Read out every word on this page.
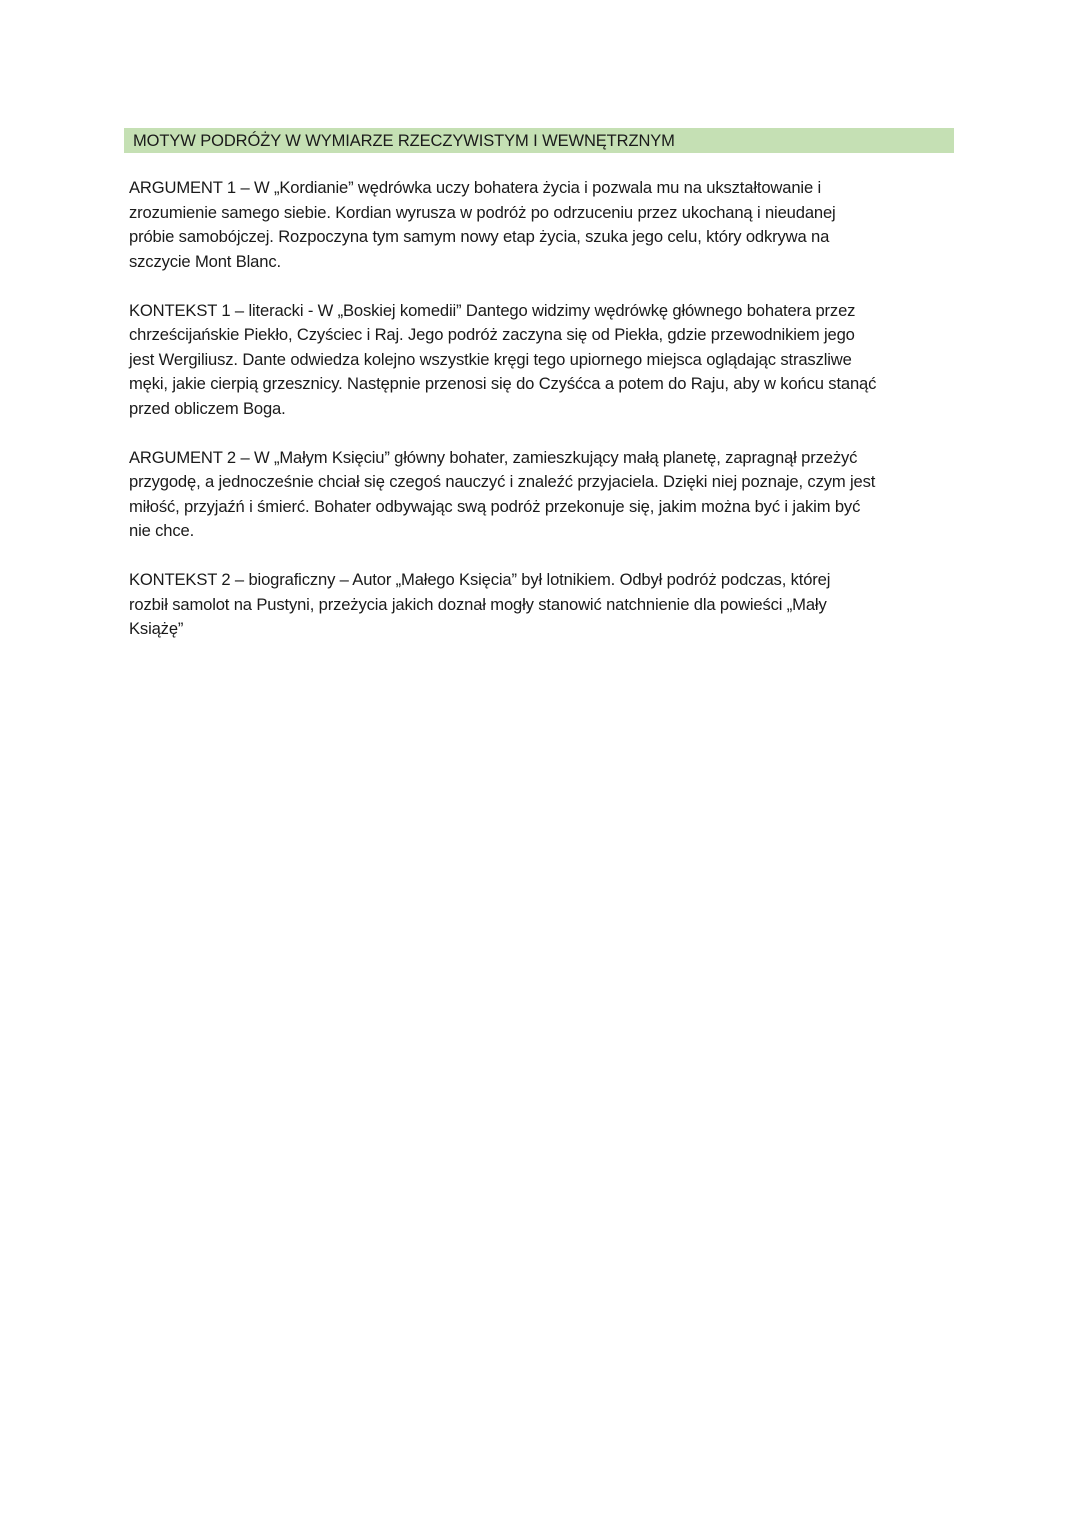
MOTYW PODRÓŻY W WYMIARZE RZECZYWISTYM I WEWNĘTRZNYM

ARGUMENT 1 – W „Kordianie” wędrówka uczy bohatera życia i pozwala mu na ukształtowanie i
zrozumienie samego siebie. Kordian wyrusza w podróż po odrzuceniu przez ukochaną i nieudanej
próbie samobójczej. Rozpoczyna tym samym nowy etap życia, szuka jego celu, który odkrywa na
szczycie Mont Blanc.

KONTEKST 1 – literacki - W „Boskiej komedii” Dantego widzimy wędrówkę głównego bohatera przez
chrześcijańskie Piekło, Czyściec i Raj. Jego podróż zaczyna się od Piekła, gdzie przewodnikiem jego
jest Wergiliusz. Dante odwiedza kolejno wszystkie kręgi tego upiornego miejsca oglądając straszliwe
męki, jakie cierpią grzesznicy. Następnie przenosi się do Czyśćca a potem do Raju, aby w końcu stanąć
przed obliczem Boga.

ARGUMENT 2 – W „Małym Księciu” główny bohater, zamieszkujący małą planetę, zapragnął przeżyć
przygodę, a jednocześnie chciał się czegoś nauczyć i znaleźć przyjaciela. Dzięki niej poznaje, czym jest
miłość, przyjaźń i śmierć. Bohater odbywając swą podróż przekonuje się, jakim można być i jakim być
nie chce.

KONTEKST 2 – biograficzny – Autor „Małego Księcia” był lotnikiem. Odbył podróż podczas, której
rozbił samolot na Pustyni, przeżycia jakich doznał mogły stanowić natchnienie dla powieści „Mały
Książę”
